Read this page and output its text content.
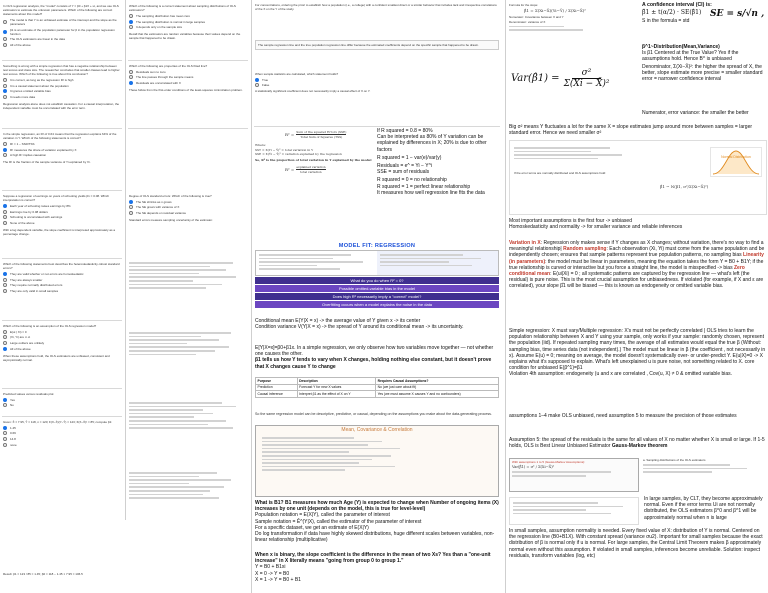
In OLS regression analysis, the "model" consists of Y = β0 + β1X + ui, and we use OLS estimators to estimate the unknown parameters. Which of the following are correct statements about this model?
The model is that Y is an unbiased estimate of the intercept and the slope as the parameters
β1 is an estimate of the population parameter for β in the population regression function
The OLS estimators are linear in the data
All of the above
Something is wrong with a simple regression that has a negative relationship between test scores and class size. The researcher concludes that smaller classes lead to higher test scores. Which of the following is true about this conclusion?
It is correct, as long as the regression R² is high
It is a causal statement about the population
It ignores omitted variable bias
It needs more data
Regression analysis alone does not establish causation. For a causal interpretation, the independent variable must be uncorrelated with the error term.
In the simple regression, an R² of 0.64 means that the regression explains 64% of the variation in Y. Which of the following statements is correct?
R² = 1 − SSR/TSS
R² measures the share of variation explained by X
A high R² implies causation
The R² is the fraction of the sample variance of Yi explained by Xi.
Suppose a regression of earnings on years of schooling yields β1 = 0.08. Which interpretation is correct?
Each year of schooling raises earnings by 8%
Earnings rise by 0.08 dollars
Schooling is uncorrelated with earnings
None of the above
With a log dependent variable, the slope coefficient is interpreted approximately as a percentage change.
Which of the following statements best describes the heteroskedasticity-robust standard errors?
They are valid whether or not errors are homoskedastic
They are always smaller
They require normally distributed errors
They are only valid in small samples
Which of the following is an assumption of the OLS regression model?
E(ui | Xi) = 0
(Xi, Yi) are i.i.d.
Large outliers are unlikely
All of the above
When these assumptions hold, the OLS estimators are unbiased, consistent and asymptotically normal.
Predicted values versus residuals plot:
Yes
No
Given: X̄ = 7.95, Ȳ = 118, n = 120; Σ(X−X̄)(Y−Ȳ) = 123; Σ(X−X̄)² = 85; compute β1:
1.45
0.69
14.8
none
Result: β1 = 123 / 85 = 1.45; β0 = 118 − 1.45 × 7.95 = 106.5
Which of the following is a correct statement about sampling distributions of OLS estimators?
The sampling distribution has mean zero
The sampling distribution is normal in large samples
It depends only on the sample size
Recall that the estimators are random variables because their values depend on the sample that happened to be drawn.
Which of the following are properties of the OLS fitted line?
Residuals sum to zero
The line passes through the sample means
Residuals are uncorrelated with X
These follow from the first-order conditions of the least-squares minimization problem.
Degree of OLS standard errors: Which of the following is true?
The SE shrinks as n grows
The SE grows with variance of X
The SE depends on residual variance
Standard errors measure sampling uncertainty of the estimator.
For concentrations, ordering the priori to establish how a population (i.e., a college) with a confident smallest direct or a similar behavior that includes lack and irrespective correlations of the X on the Y of the study.
The sample regression line and the true population regression line differ because the estimated coefficients depend on the specific sample that happened to be drawn.
When sample statistics are calculated, which statement holds?
True
False
A statistically significant coefficient does not necessarily imply a causal effect of X on Y.
R² = Sum of the squared Errors (SSE)
Total Sum of Squares (TSS)
Where:
SST = Σ(Yi − Ȳ)² = total variation in Y
SSE = Σ(Ŷi − Ȳ)² = variation explained by the regression
So, R² is the proportion of total variation in Y explained by the model
R² = explained variation
total variation
If R squared = 0.8 = 80%
Can be interpreted as 80% of Y variation can be explained by differences in X; 20% is due to other factors
R squared = 1 − var(e)/var(y)
Residuals = e^ = Yi − Y^i
SSE = sum of residuals
R squared = 0 = no relationship
R squared = 1 = perfect linear relationship
It measures how well regression line fits the data
MODEL FIT: REGRESSION
What do you do when R² = 0?
Possible omitted-variable bias in the model
Does high R² necessarily imply a "correct" model?
Overfitting occurs when a model explains the noise in the data
Conditional mean E(Y|X = x) -> the average value of Y given x -> its center
Condition variance V(Y|X = x) -> the spread of Y around its conditional mean -> its uncertainty.
E[Y|X=x]=β0+β1x. In a simple regression, we only observe how two variables move together — not whether one causes the other.
β1 tells us how Y tends to vary when X changes, holding nothing else constant, but it doesn't prove that X changes cause Y to change
Purpose	Description	Requires Causal Assumptions?
Prediction	Forecast Y for new X values	No (we just care about fit)
Causal inference	Interpret β1 as the effect of X on Y	Yes (we must assume X causes Y and no confounders)
So the same regression model can be descriptive, predictive, or causal, depending on the assumptions you make about the data-generating process.
Mean, Covariance & Correlation
What is B1? B1 measures how much Age (Y) is expected to change when Number of ongoing items (X) increases by one unit (depends on the model, this is true for level-level)
Population notation = E(X|Y), called the parameter of interest
Sample notation = Ê^(Y|X), called the estimator of the parameter of interest
For a specific dataset, we get an estimate of E(X|Y)
Do log transformation if data have highly skewed distributions, huge different scales between variables, non-linear relationship (multiplicative)
When x is binary, the slope coefficient is the difference in the mean of two Xs? Yes than a "one-unit increase" in X literally means "going from group 0 to group 1."
Y = B0 + B1xi
X = 0 -> Y = B0
X = 1 -> Y = B0 + B1
Formula for the slope:
β̂1 = Σ(Xi−X̄)(Yi−Ȳ) / Σ(Xi−X̄)²
Numerator: Covariance between X and Y
Denominator: variance of X
A confidence interval (CI) is:
β̂1 ± t(α/2) · SE(β̂1)
S in the formula = std
SE = s/√n ,
Var(β̂1) = $\frac{\text{σ²}}{\text{Σ(Xi − X̄)²}}$
β^1~Distribution(Mean,Variance)
Is β1 Centered at the True Value? Yes if the assumptions hold. Hence B^ is unbiased
Denominator, Σ(Xi−X̄)²: the higher the spread of X, the better, slope estimate more precise = smaller standard error = narrower confidence interval
Numerator, error variance: the smaller the better
Big σ² means Y fluctuates a lot for the same X = slope estimates jump around more between samples = larger standard error. Hence we need smaller σ²
If the error terms are normally distributed and OLS assumptions hold:
β̂1 ~ N(β1, σ²/Σ(Xi−X̄)²)
Normal Distribution
Most important assumptions is the first four -> unbiased
Homoskedasticity and normality -> for smaller variance and reliable inferences
Variation in X: Regression only makes sense if Y changes as X changes; without variation, there's no way to find a meaningful relationship| Random sampling: Each observation (Xi, Yi) must come from the same population and be independently chosen; ensures that sample patterns represent true population patterns, no sampling bias Linearity (in parameters): the model must be linear in parameters, meaning the equation takes the form Y = B0 + B1Y; if the true relationship is curved or interactive but you force a straight line, the model is misspecified -> bias Zero conditional mean: E(ui|Xi) = 0 ; all systematic patterns are captured by the regression line — what's left (the residual) is pure noise. This is the most crucial assumption for unbiasedness. If violated (for example, if X and ε are correlated), your slope β̂1 will be biased — this is known as endogeneity or omitted variable bias.
Simple regression: X must vary/Multiple regression: X's must not be perfectly correlated | OLS tries to learn the population relationship between X and Y using your sample, only works if your sample: randomly chosen, represent the population (iid). If repeated sampling many times, the average of all estimates would equal the true β (Without: sampling bias, time series data (not independent).) The model must be linear in β (the coefficient , not necessarily in x). Assume E(u) = 0; meaning on average, the model doesn't systematically over- or under-predict Y. E(u|X)=0 -> X explains what it's supposed to explain. What's left unexplained u is pure noise, not something related to X. core condition for unbiased E(β^1)=β1
Violation 4th assumption: endogeneity (u and x are correlated , Cov(u, X) ≠ 0 & omitted variable bias.
assumptions 1–4 make OLS unbiased, need assumption 5 to measure the precision of those estimates
Assumption 5: the spread of the residuals is the same for all values of X no matter whether X is small or large. If 1-5 holds, OLS is Best Linear Unbiased Estimator Gauss-Markov theorem
With assumptions 1 to 5 (Gauss-Markov Assumptions):
Var(β̂1) = σ² / Σ(Xi−X̄)²
a. Sampling distributions of the OLS estimators
In large samples, by CLT, they become approximately normal. Even if the error terms Ui are not normally distributed, the OLS estimators β^0 and β^1 will be approximately normal when n is large
In small samples, assumption normality is needed. Every fixed value of X: distribution of Y is normal. Centered on the regression line (B0+B1X). With constant spread (variance σu2). Important for small samples because the exact distribution of β is normal only if u is normal. For large samples, the Central Limit Theorem makes β approximately normal even without this assumption. If violated in small samples, inferences become unreliable. Solution: inspect residuals, transform variables (log, etc)
